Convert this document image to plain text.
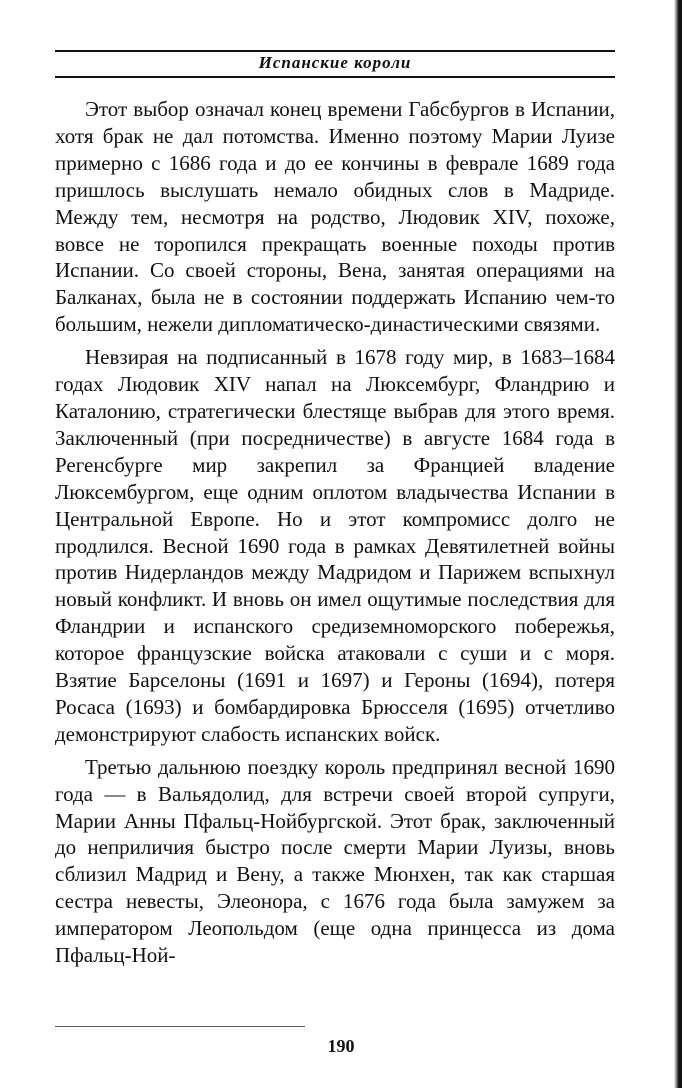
Испанские короли

Этот выбор означал конец времени Габсбургов в Испании, хотя брак не дал потомства. Именно поэтому Марии Луизе примерно с 1686 года и до ее кончины в феврале 1689 года пришлось выслушать немало обидных слов в Мадриде. Между тем, несмотря на родство, Людовик XIV, похоже, вовсе не торопился прекращать военные походы против Испании. Со своей стороны, Вена, занятая операциями на Балканах, была не в состоянии поддержать Испанию чем-то большим, нежели дипломатическо-династическими связями.

Невзирая на подписанный в 1678 году мир, в 1683–1684 годах Людовик XIV напал на Люксембург, Фландрию и Каталонию, стратегически блестяще выбрав для этого время. Заключенный (при посредничестве) в августе 1684 года в Регенсбурге мир закрепил за Францией владение Люксембургом, еще одним оплотом владычества Испании в Центральной Европе. Но и этот компромисс долго не продлился. Весной 1690 года в рамках Девятилетней войны против Нидерландов между Мадридом и Парижем вспыхнул новый конфликт. И вновь он имел ощутимые последствия для Фландрии и испанского средиземноморского побережья, которое французские войска атаковали с суши и с моря. Взятие Барселоны (1691 и 1697) и Героны (1694), потеря Росаса (1693) и бомбардировка Брюсселя (1695) отчетливо демонстрируют слабость испанских войск.

Третью дальнюю поездку король предпринял весной 1690 года — в Вальядолид, для встречи своей второй супруги, Марии Анны Пфальц-Нойбургской. Этот брак, заключенный до неприличия быстро после смерти Марии Луизы, вновь сблизил Мадрид и Вену, а также Мюнхен, так как старшая сестра невесты, Элеонора, с 1676 года была замужем за императором Леопольдом (еще одна принцесса из дома Пфальц-Ной-

190
